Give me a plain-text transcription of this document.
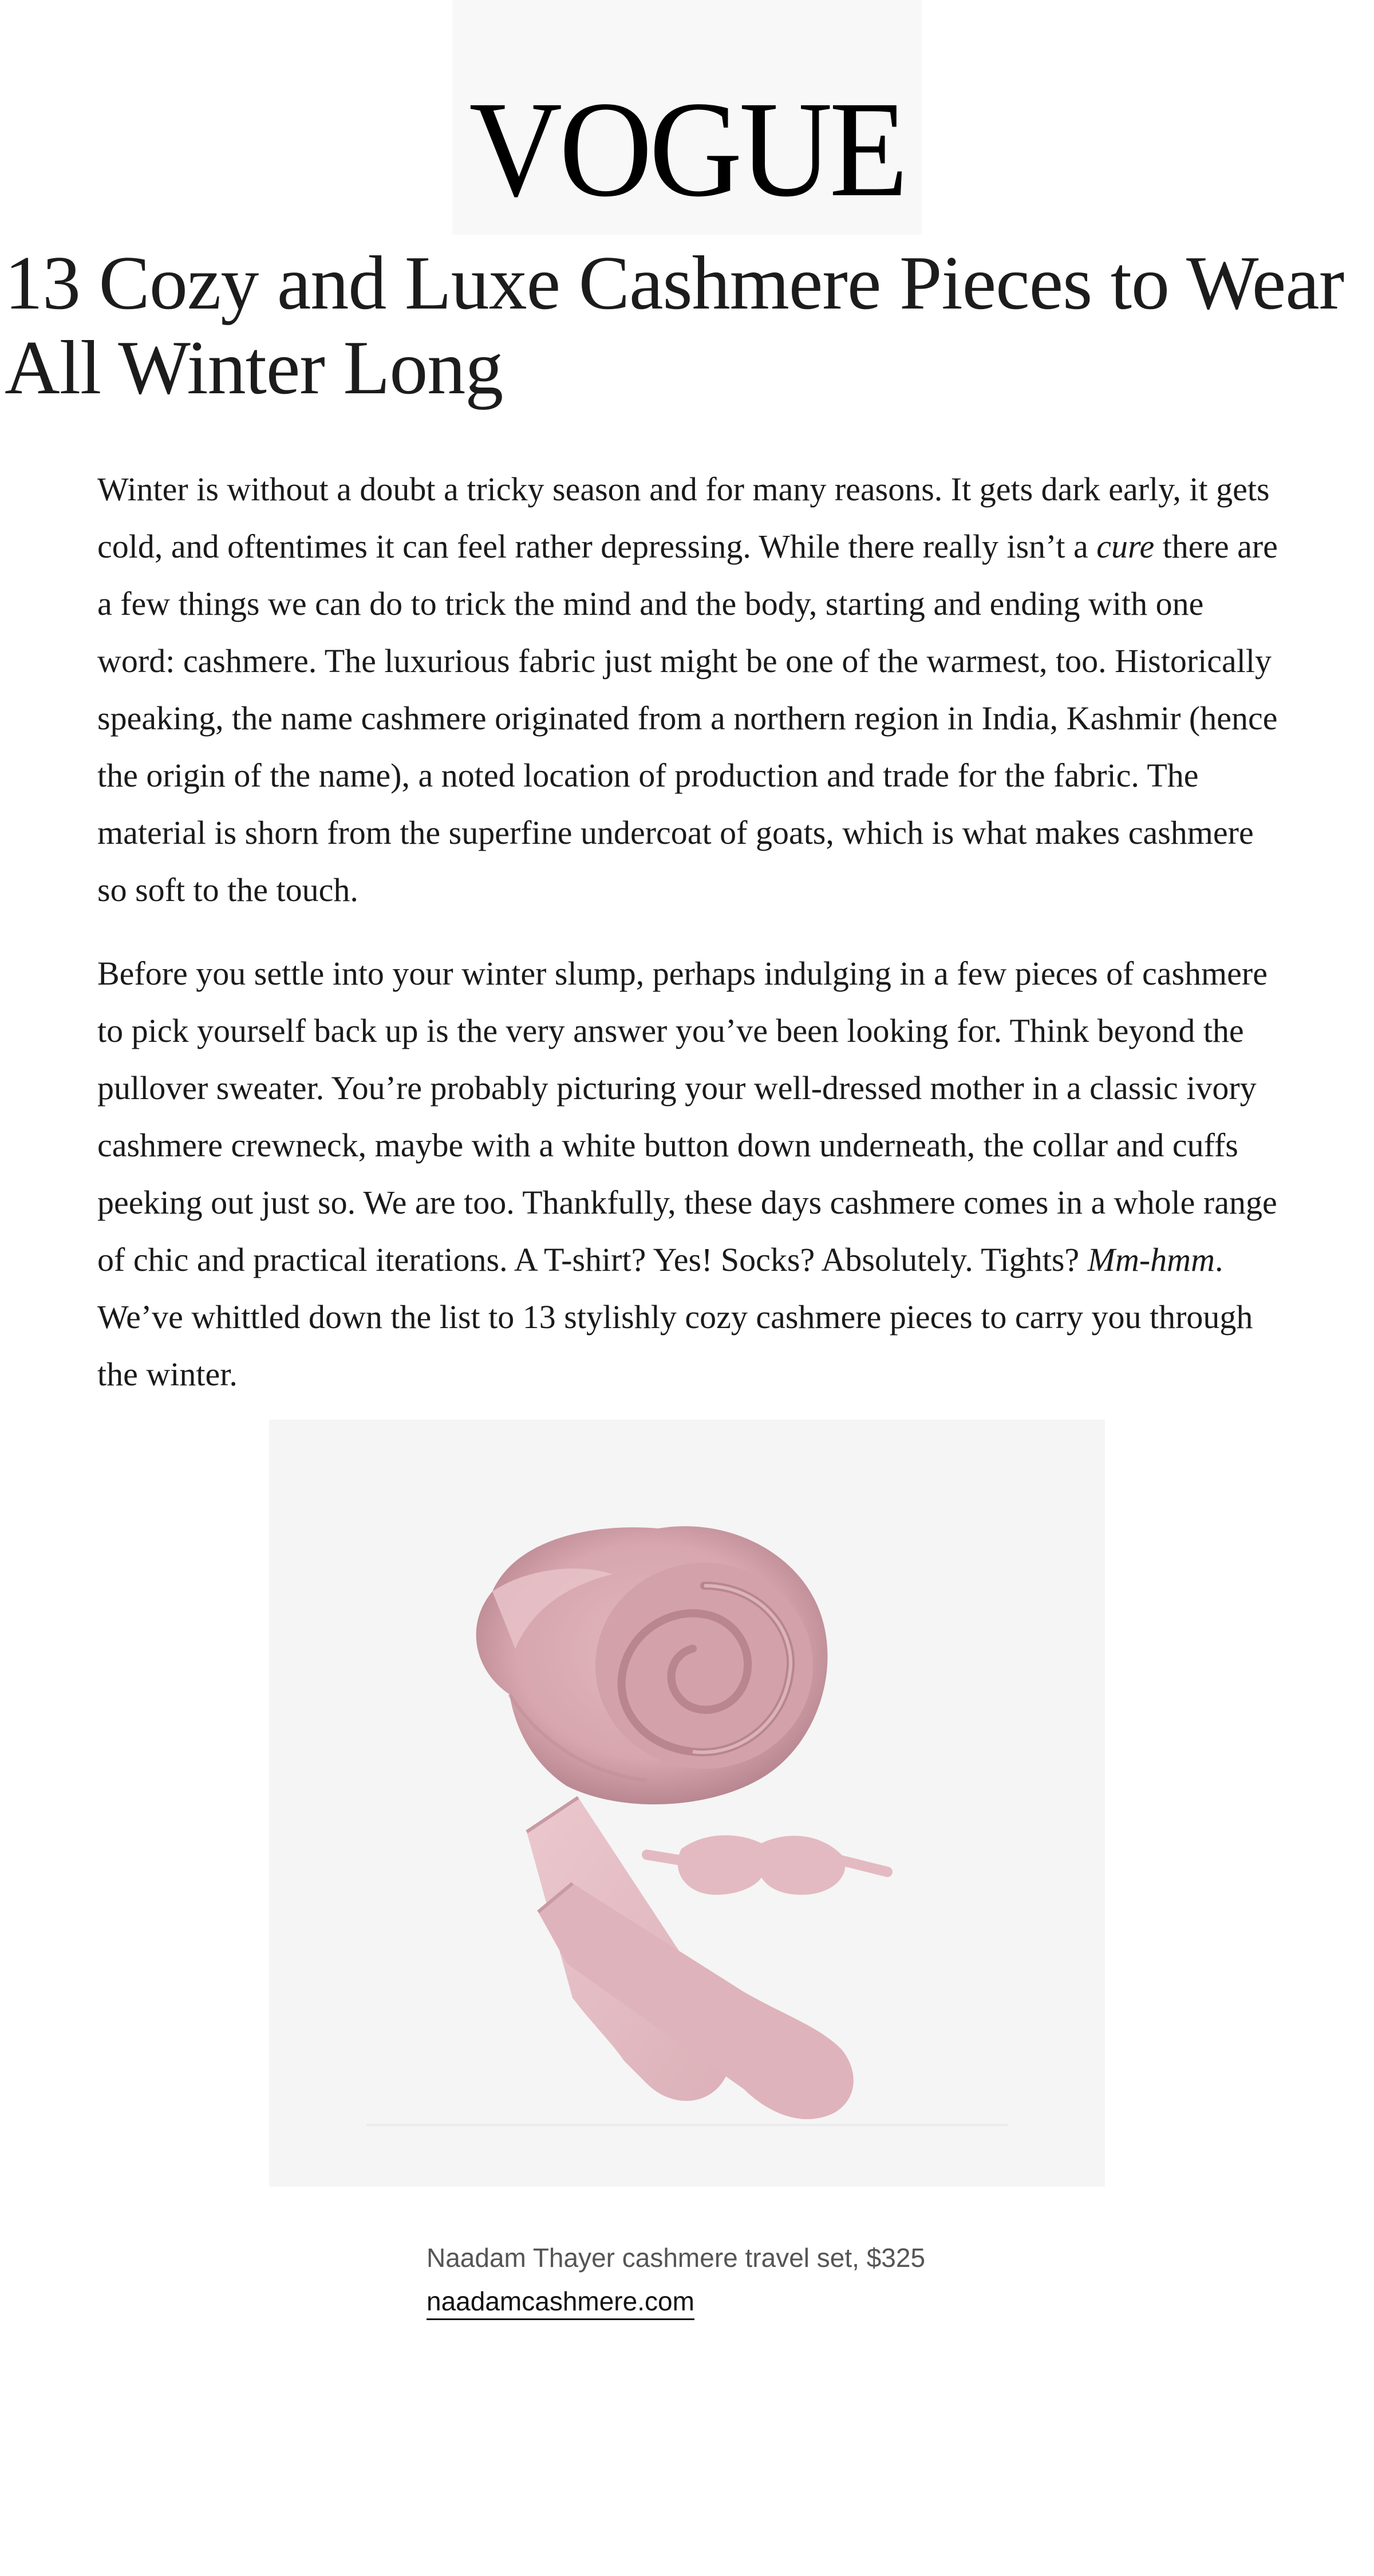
VOGUE
13 Cozy and Luxe Cashmere Pieces to Wear All Winter Long

Winter is without a doubt a tricky season and for many reasons. It gets dark early, it gets cold, and oftentimes it can feel rather depressing. While there really isn’t a cure there are a few things we can do to trick the mind and the body, starting and ending with one word: cashmere. The luxurious fabric just might be one of the warmest, too. Historically speaking, the name cashmere originated from a northern region in India, Kashmir (hence the origin of the name), a noted location of production and trade for the fabric. The material is shorn from the superfine undercoat of goats, which is what makes cashmere so soft to the touch.

Before you settle into your winter slump, perhaps indulging in a few pieces of cashmere to pick yourself back up is the very answer you’ve been looking for. Think beyond the pullover sweater. You’re probably picturing your well-dressed mother in a classic ivory cashmere crewneck, maybe with a white button down underneath, the collar and cuffs peeking out just so. We are too. Thankfully, these days cashmere comes in a whole range of chic and practical iterations. A T-shirt? Yes! Socks? Absolutely. Tights? Mm-hmm. We’ve whittled down the list to 13 stylishly cozy cashmere pieces to carry you through the winter.

Naadam Thayer cashmere travel set, $325
naadamcashmere.com
